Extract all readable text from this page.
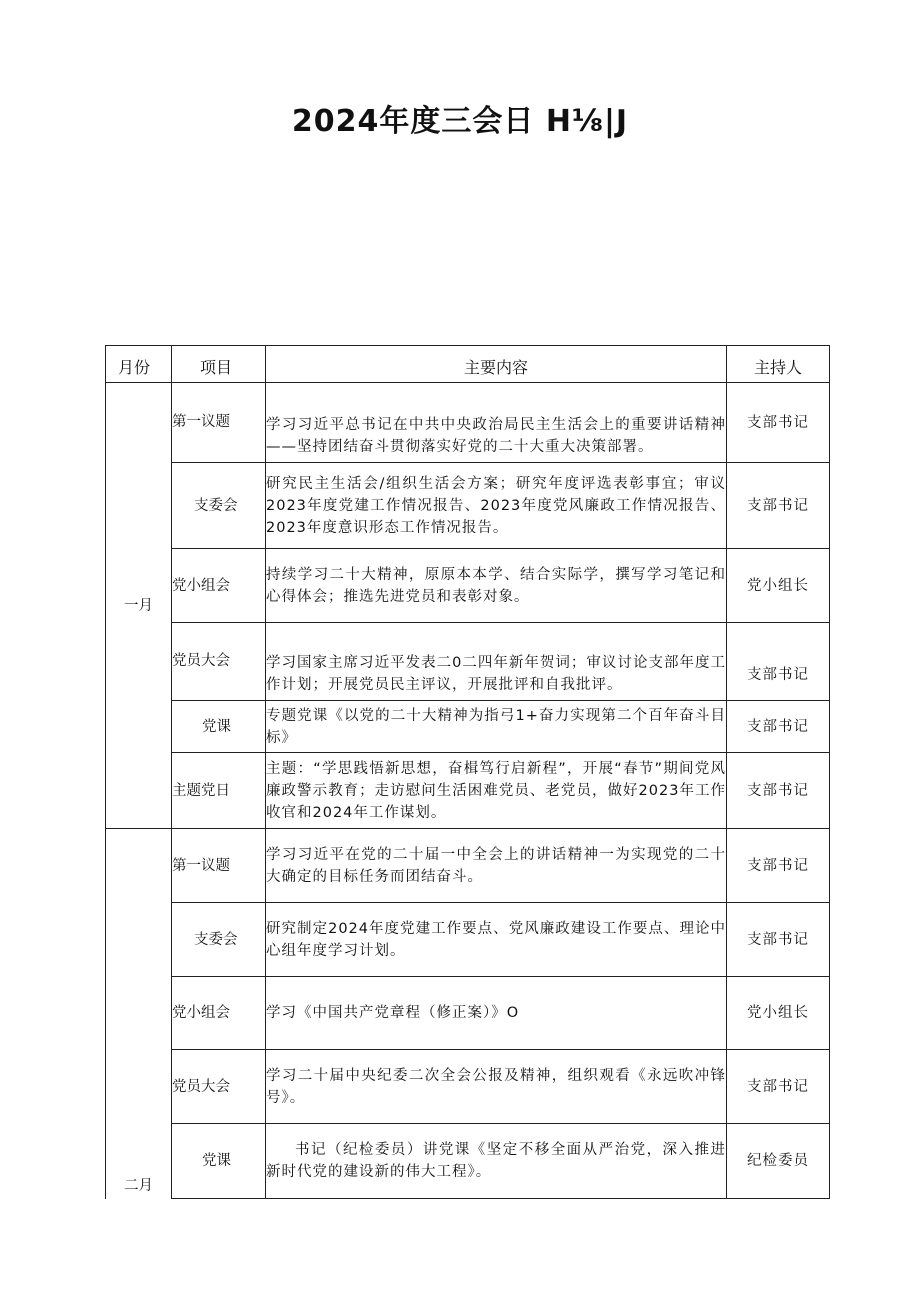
2024年度三会日 H⅛|J
月份	项目	主要内容	主持人
一月	第一议题	学习习近平总书记在中共中央政治局民主生活会上的重要讲话精神——坚持团结奋斗贯彻落实好党的二十大重大决策部署。	支部书记
	支委会	研究民主生活会/组织生活会方案；研究年度评选表彰事宜；审议2023年度党建工作情况报告、2023年度党风廉政工作情况报告、2023年度意识形态工作情况报告。	支部书记
	党小组会	持续学习二十大精神，原原本本学、结合实际学，撰写学习笔记和心得体会；推选先进党员和表彰对象。	党小组长
	党员大会	学习国家主席习近平发表二0二四年新年贺词；审议讨论支部年度工作计划；开展党员民主评议，开展批评和自我批评。	支部书记
	党课	专题党课《以党的二十大精神为指弓1+奋力实现第二个百年奋斗目标》	支部书记
	主题党日	主题：“学思践悟新思想，奋楫笃行启新程”，开展“春节”期间党风廉政警示教育；走访慰问生活困难党员、老党员，做好2023年工作收官和2024年工作谋划。	支部书记
二月	第一议题	学习习近平在党的二十届一中全会上的讲话精神一为实现党的二十大确定的目标任务而团结奋斗。	支部书记
	支委会	研究制定2024年度党建工作要点、党风廉政建设工作要点、理论中心组年度学习计划。	支部书记
	党小组会	学习《中国共产党章程（修正案）》O	党小组长
	党员大会	学习二十届中央纪委二次全会公报及精神，组织观看《永远吹冲锋号》。	支部书记
	党课	书记（纪检委员）讲党课《坚定不移全面从严治党，深入推进新时代党的建设新的伟大工程》。	纪检委员
